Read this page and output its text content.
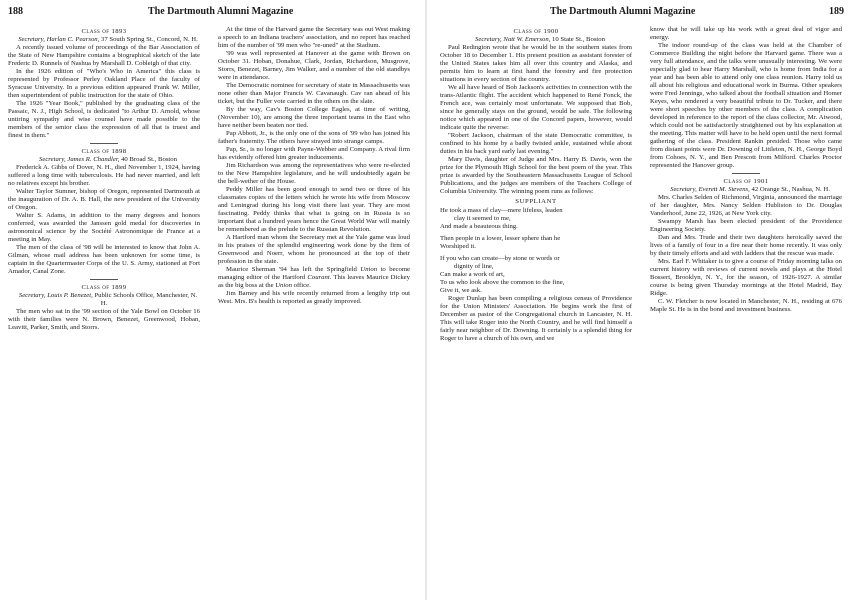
188	The Dartmouth Alumni Magazine
Class of 1893

Secretary, Harlan C. Pearson, 37 South Spring St., Concord, N. H.

A recently issued volume of proceedings of the Bar Association of the State of New Hampshire contains a biographical sketch of the late Frederic D. Runnels of Nashua by Marshall D. Cobleigh of that city.

In the 1926 edition of "Who's Who in America" this class is represented by Professor Perley Oakland Place of the faculty of Syracuse University. In a previous edition appeared Frank W. Miller, then superintendent of public instruction for the state of Ohio.

The 1926 "Year Book," published by the graduating class of the Passaic, N. J., High School, is dedicated "to Arthur D. Arnold, whose untiring sympathy and wise counsel have made possible to the members of the senior class the expression of all that is truest and finest in them."

Class of 1898

Secretary, James R. Chandler, 40 Broad St., Boston

Frederick A. Gibbs of Dover, N. H., died November 1, 1924, having suffered a long time with tuberculosis. He had never married, and left no relatives except his brother.

Walter Taylor Sumner, bishop of Oregon, represented Dartmouth at the inauguration of Dr. A. B. Hall, the new president of the University of Oregon.

Walter S. Adams, in addition to the many degrees and honors conferred, was awarded the Janssen gold medal for discoveries in astronomical science by the Société Astronomique de France at a meeting in May.

The men of the class of '98 will be interested to know that John A. Gilman, whose mail address has been unknown for some time, is captain in the Quartermaster Corps of the U. S. Army, stationed at Fort Amador, Canal Zone.

Class of 1899

Secretary, Louis P. Benezet, Public Schools Office, Manchester, N. H.

The men who sat in the '99 section of the Yale Bowl on October 16 with their families were N. Brown, Benezet, Greenwood, Hoban, Leavitt, Parker, Smith, and Storrs.

At the time of the Harvard game the Secretary was out West making a speech to an Indiana teachers' association, and no report has reached him of the number of '99 men who "re-uned" at the Stadium.

'99 was well represented at Hanover at the game with Brown on October 31. Hoban, Donahue, Clark, Jordan, Richardson, Musgrove, Storrs, Benezet, Barney, Jim Walker, and a number of the old standbys were in attendance.

The Democratic nominee for secretary of state in Massachusetts was none other than Major Francis W. Cavanaugh. Cav ran ahead of his ticket, but the Fuller vote carried in the others on the slate.

By the way, Cav's Boston College Eagles, at time of writing, (November 10), are among the three important teams in the East who have neither been beaten nor tied.

Pap Abbott, Jr., is the only one of the sons of '99 who has joined his father's fraternity. The others have strayed into strange camps.

Pap, Sr., is no longer with Payne-Webber and Company. A rival firm has evidently offered him greater inducements.

Jim Richardson was among the representatives who were re-elected to the New Hampshire legislature, and he will undoubtedly again be the bell-wether of the House.

Peddy Miller has been good enough to send two or three of his classmates copies of the letters which he wrote his wife from Moscow and Leningrad during his long visit there last year. They are most fascinating. Peddy thinks that what is going on in Russia is so important that a hundred years hence the Great World War will mainly be remembered as the prelude to the Russian Revolution.

A Hartford man whom the Secretary met at the Yale game was loud in his praises of the splendid engineering work done by the firm of Greenwood and Noerr, whom he pronounced at the top of their profession in the state.

Maurice Sherman '94 has left the Springfield Union to become managing editor of the Hartford Courant. This leaves Maurice Dickey as the big boss at the Union office.

Jim Barney and his wife recently returned from a lengthy trip out West. Mrs. B's health is reported as greatly improved.

The Dartmouth Alumni Magazine	189
Class of 1900

Secretary, Natt W. Emerson, 10 State St., Boston

Paul Redington wrote that he would be in the southern states from October 18 to December 1. His present position as assistant forester of the United States takes him all over this country and Alaska, and permits him to learn at first hand the forestry and fire protection situations in every section of the country.

We all have heard of Bob Jackson's activities in connection with the trans-Atlantic flight. The accident which happened to René Fonck, the French ace, was certainly most unfortunate. We supposed that Bob, since he generally stays on the ground, would be safe. The following notice which appeared in one of the Concord papers, however, would indicate quite the reverse:

"Robert Jackson, chairman of the state Democratic committee, is confined to his home by a badly twisted ankle, sustained while about duties in his back yard early last evening."

Mary Davis, daughter of Judge and Mrs. Harry B. Davis, won the prize for the Plymouth High School for the best poem of the year. This prize is awarded by the Southeastern Massachusetts League of School Publications, and the judges are members of the Teachers College of Columbia University. The winning poem runs as follows:

SUPPLIANT

He took a mass of clay—mere lifeless, leaden

clay it seemed to me,

And made a beauteous thing.

Then people in a lower, lesser sphere than he

Worshiped it.

If you who can create—by stone or words or

dignity of line,

Can make a work of art,

To us who look above the common to the fine,

Give it, we ask.

Roger Dunlap has been compiling a religious census of Providence for the Union Ministers' Association. He begins work the first of December as pastor of the Congregational church in Lancaster, N. H. This will take Roger into the North Country, and he will find himself a fairly near neighbor of Dr. Downing. It certainly is a splendid thing for Roger to have a church of his own, and we

know that he will take up his work with a great deal of vigor and energy.

The indoor round-up of the class was held at the Chamber of Commerce Building the night before the Harvard game. There was a very full attendance, and the talks were unusually interesting. We were especially glad to hear Harry Marshall, who is home from India for a year and has been able to attend only one class reunion. Harry told us all about his religious and educational work in Burma. Other speakers were Fred Jennings, who talked about the football situation and Homer Keyes, who rendered a very beautiful tribute to Dr. Tucker, and there were short speeches by other members of the class. A complication developed in reference to the report of the class collector, Mr. Atwood, which could not be satisfactorily straightened out by his explanation at the meeting. This matter will have to be held open until the next formal gathering of the class. President Rankin presided. Those who came from distant points were Dr. Downing of Littleton, N. H., George Boyd from Cohoes, N. Y., and Ben Prescott from Milford. Charles Proctor represented the Hanover group.

Class of 1901

Secretary, Everett M. Stevens, 42 Orange St., Nashua, N. H.

Mrs. Charles Selden of Richmond, Virginia, announced the marriage of her daughter, Mrs. Nancy Selden Hubliston to Dr. Douglas Vanderhoof, June 22, 1926, at New York city.

Swampy Marsh has been elected president of the Providence Engineering Society.

Dan and Mrs. Trude and their two daughters heroically saved the lives of a family of four in a fire near their home recently. It was only by their timely efforts and aid with ladders that the rescue was made.

Mrs. Earl F. Whitaker is to give a course of Friday morning talks on current history with reviews of current novels and plays at the Hotel Bossert, Brooklyn, N. Y., for the season, of 1926-1927. A similar course is being given Thursday mornings at the Hotel Madrid, Bay Ridge.

C. W. Fletcher is now located in Manchester, N. H., residing at 676 Maple St. He is in the bond and investment business.
